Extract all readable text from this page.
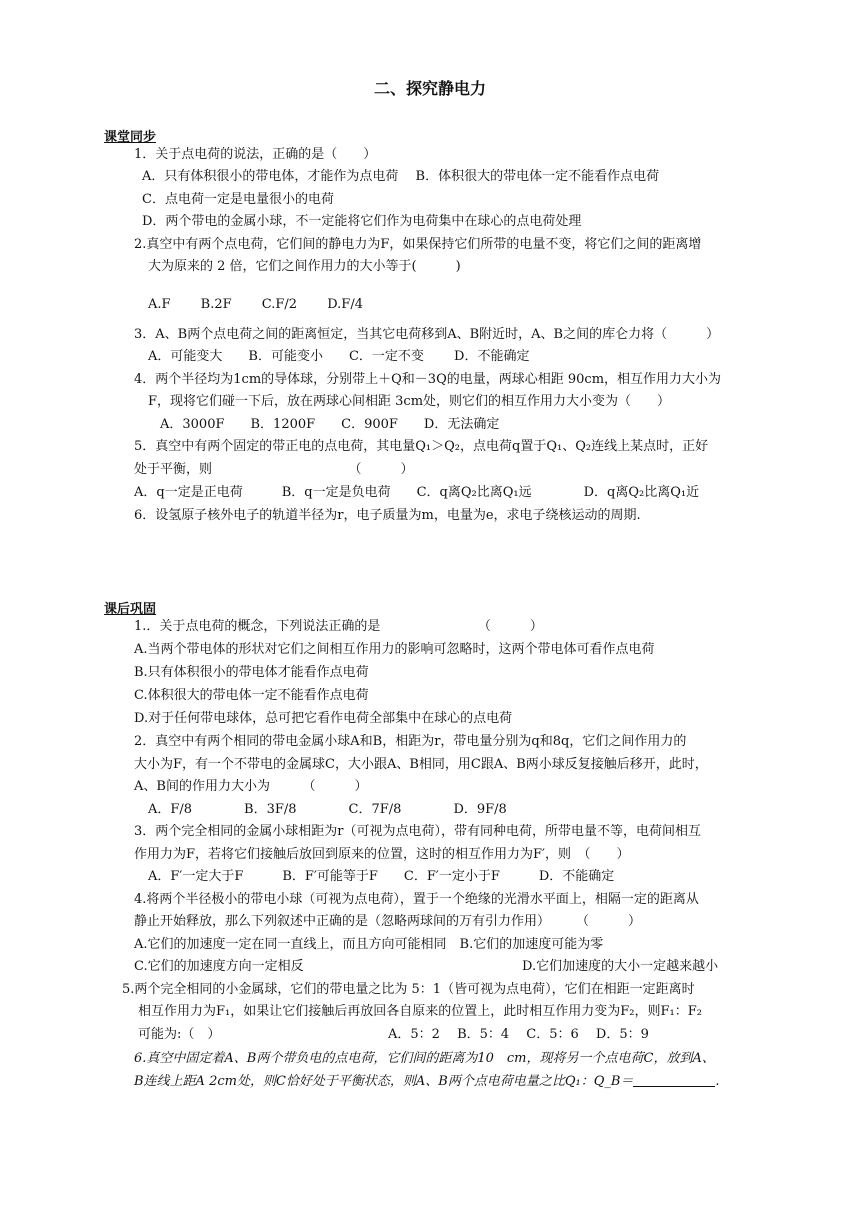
二、探究静电力
课堂同步
1．关于点电荷的说法，正确的是（　　）
A．只有体积很小的带电体，才能作为点电荷　 B．体积很大的带电体一定不能看作点电荷
C．点电荷一定是电量很小的电荷
D．两个带电的金属小球，不一定能将它们作为电荷集中在球心的点电荷处理
2.真空中有两个点电荷，它们间的静电力为F，如果保持它们所带的电量不变，将它们之间的距离增
大为原来的 2 倍，它们之间作用力的大小等于(　　　)
A.F　　 B.2F　　 C.F/2　　 D.F/4
3．A、B两个点电荷之间的距离恒定，当其它电荷移到A、B附近时，A、B之间的库仑力将（　　　）
A．可能变大　　B．可能变小　　C．一定不变　　 D．不能确定
4．两个半径均为1cm的导体球，分别带上＋Q和－3Q的电量，两球心相距 90cm，相互作用力大小为
F，现将它们碰一下后，放在两球心间相距 3cm处，则它们的相互作用力大小变为（　　）
A．3000F　　B．1200F　　C．900F　　D．无法确定
5．真空中有两个固定的带正电的点电荷，其电量Q₁＞Q₂，点电荷q置于Q₁、Q₂连线上某点时，正好
处于平衡，则　　　　　　　　　　　（　　　）
A．q一定是正电荷　　　B．q一定是负电荷　　C．q离Q₂比离Q₁远　　　　D．q离Q₂比离Q₁近
6．设氢原子核外电子的轨道半径为r，电子质量为m，电量为e，求电子绕核运动的周期.
课后巩固
1.．关于点电荷的概念，下列说法正确的是　　　　　　　　（　　　）
A.当两个带电体的形状对它们之间相互作用力的影响可忽略时，这两个带电体可看作点电荷
B.只有体积很小的带电体才能看作点电荷
C.体积很大的带电体一定不能看作点电荷
D.对于任何带电球体，总可把它看作电荷全部集中在球心的点电荷
2．真空中有两个相同的带电金属小球A和B，相距为r，带电量分别为q和8q，它们之间作用力的
大小为F，有一个不带电的金属球C，大小跟A、B相同，用C跟A、B两小球反复接触后移开，此时，
A、B间的作用力大小为　　　（　　　）
A．F/8　　　　B．3F/8　　　　C．7F/8　　　　D．9F/8
3．两个完全相同的金属小球相距为r（可视为点电荷），带有同种电荷，所带电量不等，电荷间相互
作用力为F，若将它们接触后放回到原来的位置，这时的相互作用力为F′，则　（　　）
A．F′一定大于F　　　B．F′可能等于F　　C．F′一定小于F　　　D．不能确定
4.将两个半径极小的带电小球（可视为点电荷），置于一个绝缘的光滑水平面上，相隔一定的距离从
静止开始释放，那么下列叙述中正确的是（忽略两球间的万有引力作用）　　　（　　　）
A.它们的加速度一定在同一直线上，而且方向可能相同　B.它们的加速度可能为零
C.它们的加速度方向一定相反	D.它们加速度的大小一定越来越小
5.两个完全相同的小金属球，它们的带电量之比为 5：1（皆可视为点电荷），它们在相距一定距离时
相互作用力为F₁，如果让它们接触后再放回各自原来的位置上，此时相互作用力变为F₂，则F₁：F₂
可能为:（　）	A．5：2　 B．5：4　 C．5：6　 D．5：9
6.真空中固定着A、B两个带负电的点电荷，它们间的距离为10　cm，现将另一个点电荷C，放到A、
B连线上距A 2cm处，则C恰好处于平衡状态，则A、B两个点电荷电量之比Q₁：Q_B＝	.
